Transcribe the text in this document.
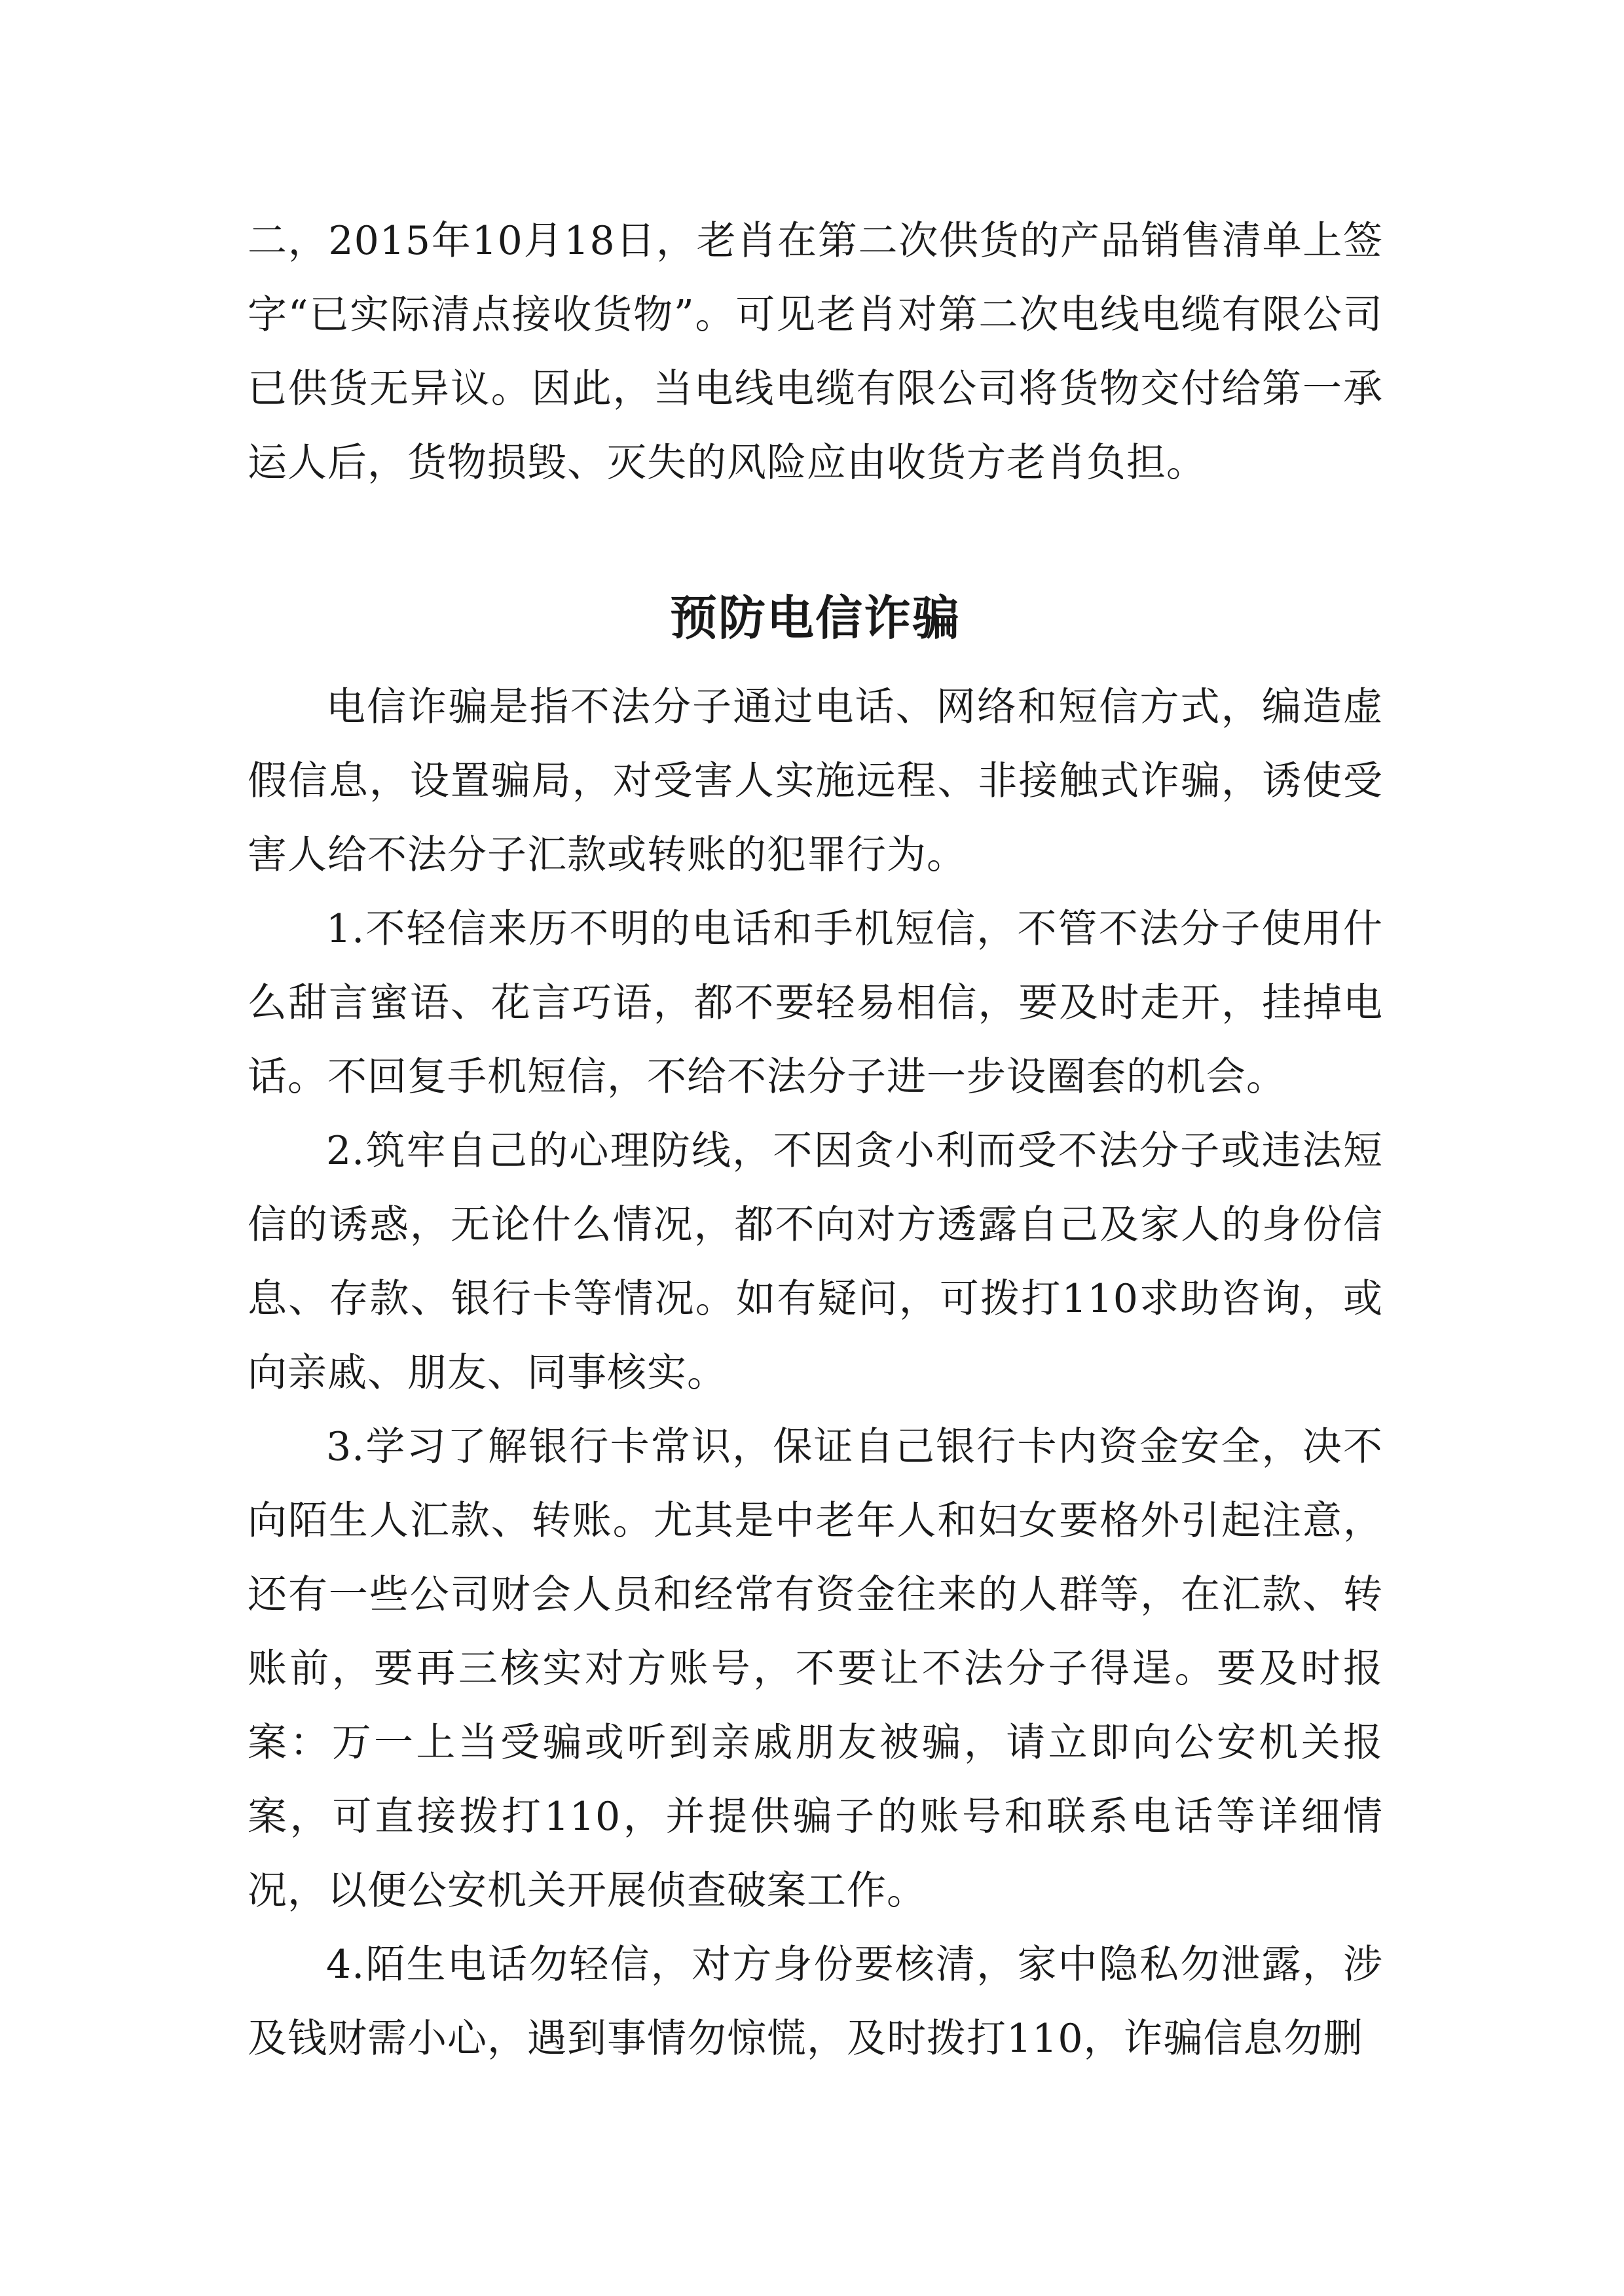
二，2015年10月18日，老肖在第二次供货的产品销售清单上签字“已实际清点接收货物”。可见老肖对第二次电线电缆有限公司已供货无异议。因此，当电线电缆有限公司将货物交付给第一承运人后，货物损毁、灭失的风险应由收货方老肖负担。

预防电信诈骗

电信诈骗是指不法分子通过电话、网络和短信方式，编造虚假信息，设置骗局，对受害人实施远程、非接触式诈骗，诱使受害人给不法分子汇款或转账的犯罪行为。

1.不轻信来历不明的电话和手机短信，不管不法分子使用什么甜言蜜语、花言巧语，都不要轻易相信，要及时走开，挂掉电话。不回复手机短信，不给不法分子进一步设圈套的机会。

2.筑牢自己的心理防线，不因贪小利而受不法分子或违法短信的诱惑，无论什么情况，都不向对方透露自己及家人的身份信息、存款、银行卡等情况。如有疑问，可拨打110求助咨询，或向亲戚、朋友、同事核实。

3.学习了解银行卡常识，保证自己银行卡内资金安全，决不向陌生人汇款、转账。尤其是中老年人和妇女要格外引起注意，还有一些公司财会人员和经常有资金往来的人群等，在汇款、转账前，要再三核实对方账号，不要让不法分子得逞。要及时报案：万一上当受骗或听到亲戚朋友被骗，请立即向公安机关报案，可直接拨打110，并提供骗子的账号和联系电话等详细情况，以便公安机关开展侦查破案工作。

4.陌生电话勿轻信，对方身份要核清，家中隐私勿泄露，涉及钱财需小心，遇到事情勿惊慌，及时拨打110，诈骗信息勿删
